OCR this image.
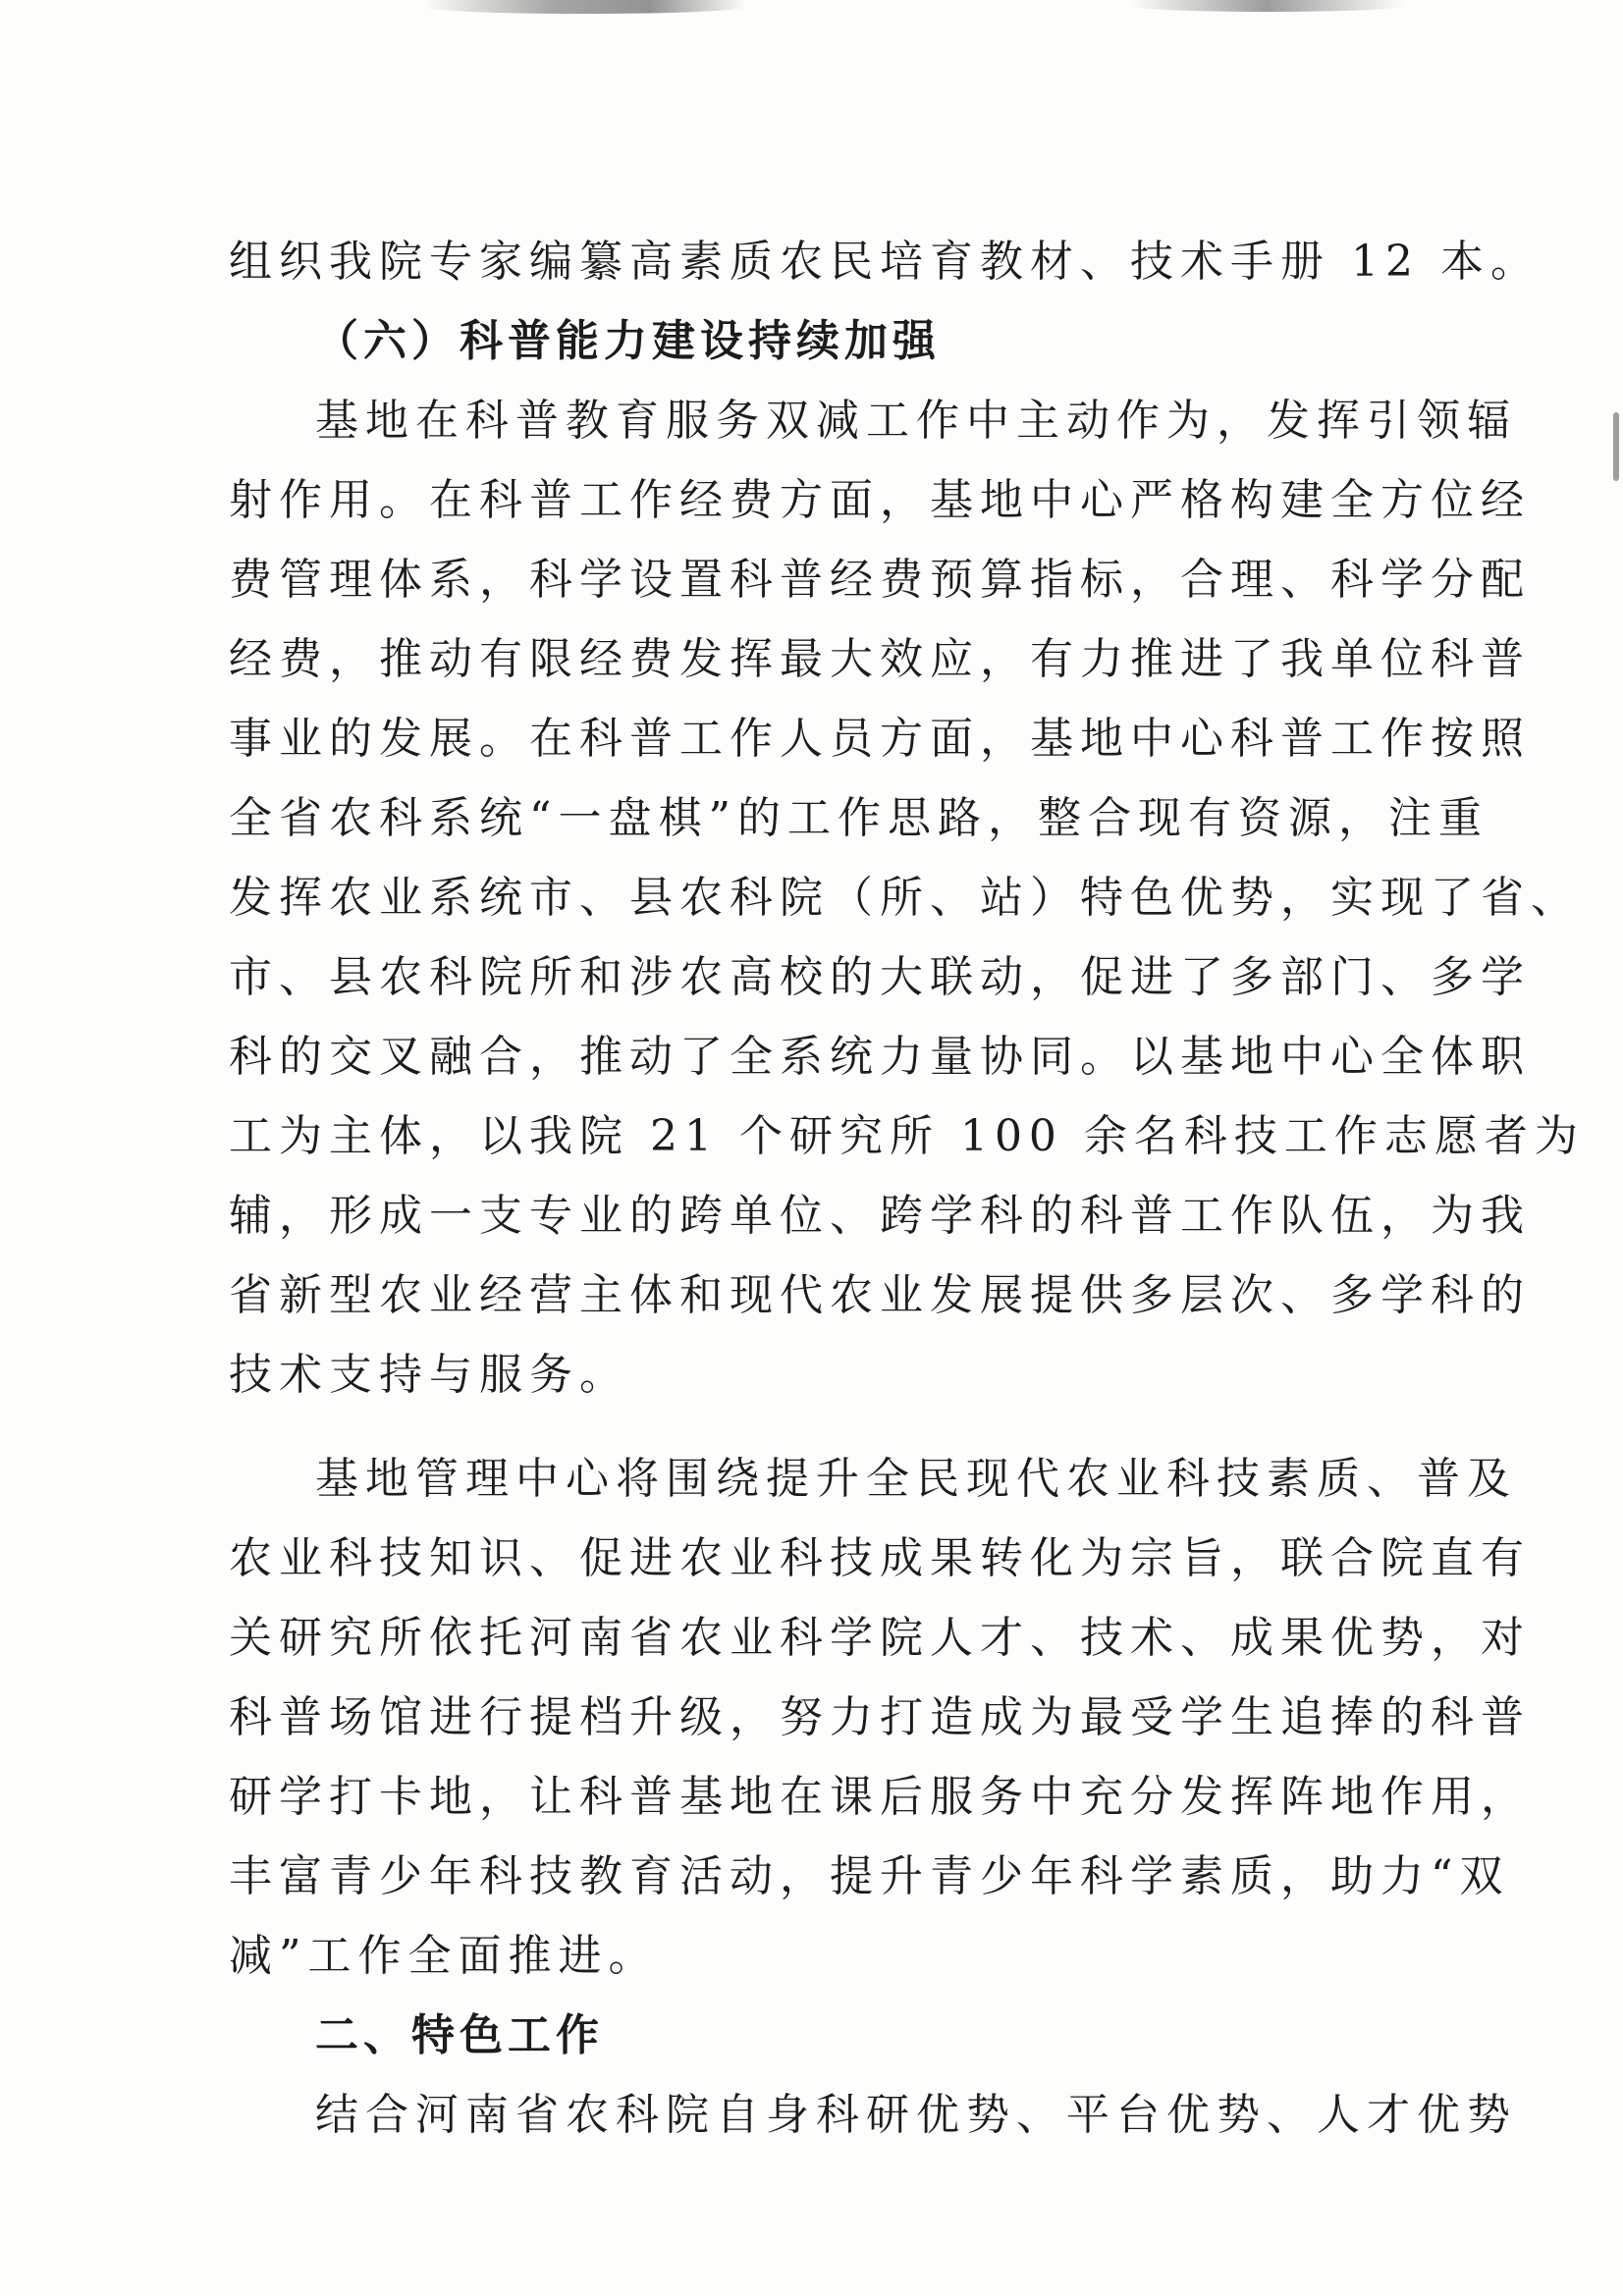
组织我院专家编纂高素质农民培育教材、技术手册 12 本。
（六）科普能力建设持续加强
基地在科普教育服务双减工作中主动作为，发挥引领辐
射作用。在科普工作经费方面，基地中心严格构建全方位经
费管理体系，科学设置科普经费预算指标，合理、科学分配
经费，推动有限经费发挥最大效应，有力推进了我单位科普
事业的发展。在科普工作人员方面，基地中心科普工作按照
全省农科系统“一盘棋”的工作思路，整合现有资源，注重
发挥农业系统市、县农科院（所、站）特色优势，实现了省、
市、县农科院所和涉农高校的大联动，促进了多部门、多学
科的交叉融合，推动了全系统力量协同。以基地中心全体职
工为主体，以我院 21 个研究所 100 余名科技工作志愿者为
辅，形成一支专业的跨单位、跨学科的科普工作队伍，为我
省新型农业经营主体和现代农业发展提供多层次、多学科的
技术支持与服务。
基地管理中心将围绕提升全民现代农业科技素质、普及
农业科技知识、促进农业科技成果转化为宗旨，联合院直有
关研究所依托河南省农业科学院人才、技术、成果优势，对
科普场馆进行提档升级，努力打造成为最受学生追捧的科普
研学打卡地，让科普基地在课后服务中充分发挥阵地作用，
丰富青少年科技教育活动，提升青少年科学素质，助力“双
减”工作全面推进。
二、特色工作
结合河南省农科院自身科研优势、平台优势、人才优势
